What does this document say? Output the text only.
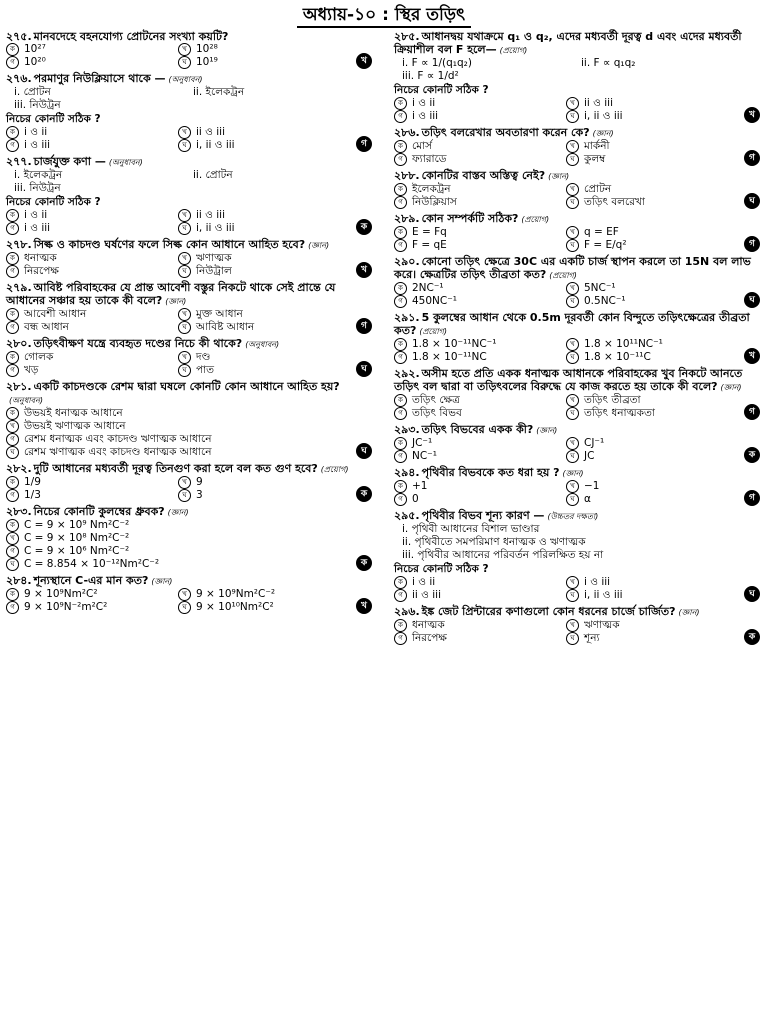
অধ্যায়-১০ : স্থির তড়িৎ
২৭৫. মানবদেহে বহনযোগ্য প্রোটনের সংখ্যা কয়টি?
ক 10²⁷	খ 10²⁸
গ 10²⁰	ঘ 10¹⁹	খ
২৭৬. পরমাণুর নিউক্লিয়াসে থাকে — (অনুধাবন)
i. প্রোটন	ii. ইলেকট্রন
iii. নিউট্রন
নিচের কোনটি সঠিক ?
ক i ও ii	খ ii ও iii
গ i ও iii	ঘ i, ii ও iii	গ
২৭৭. চার্জযুক্ত কণা — (অনুধাবন)
i. ইলেকট্রন	ii. প্রোটন
iii. নিউট্রন
নিচের কোনটি সঠিক ?
ক i ও ii	খ ii ও iii
গ i ও iii	ঘ i, ii ও iii	ক
২৭৮. সিল্ক ও কাচদণ্ড ঘর্ষণের ফলে সিল্ক কোন আধানে আহিত হবে? (জ্ঞান)
ক ধনাত্মক	খ ঋণাত্মক
গ নিরপেক্ষ	ঘ নিউট্রাল	খ
২৭৯. আবিষ্ট পরিবাহকের যে প্রান্ত আবেশী বস্তুর নিকটে থাকে সেই প্রান্তে যে আধানের সঞ্চার হয় তাকে কী বলে? (জ্ঞান)
ক আবেশী আধান	খ মুক্ত আধান
গ বন্ধ আধান	ঘ আবিষ্ট আধান	গ
২৮০. তড়িৎবীক্ষণ যন্ত্রে ব্যবহৃত দণ্ডের নিচে কী থাকে? (অনুধাবন)
ক গোলক	খ দণ্ড
গ খড়	ঘ পাত	ঘ
২৮১. একটি কাচদণ্ডকে রেশম দ্বারা ঘষলে কোনটি কোন আধানে আহিত হয়?(অনুধাবন)
ক উভয়ই ধনাত্মক আধানে
খ উভয়ই ঋণাত্মক আধানে
গ রেশম ধনাত্মক এবং কাচদণ্ড ঋণাত্মক আধানে
ঘ রেশম ঋণাত্মক এবং কাচদণ্ড ধনাত্মক আধানে	ঘ
২৮২. দুটি আধানের মধ্যবর্তী দূরত্ব তিনগুণ করা হলে বল কত গুণ হবে? (প্রয়োগ)
ক 1/9	খ 9
গ 1/3	ঘ 3	ক
২৮৩. নিচের কোনটি কুলম্বের ধ্রুবক? (জ্ঞান)
ক C = 9 × 10⁹ Nm²C⁻²
খ C = 9 × 10⁸ Nm²C⁻²
গ C = 9 × 10⁶ Nm²C⁻²
ঘ C = 8.854 × 10⁻¹²Nm²C⁻²	ক
২৮৪. শূন্যস্থানে C-এর মান কত? (জ্ঞান)
ক 9 × 10⁹Nm²C²	খ 9 × 10⁹Nm²C⁻²
গ 9 × 10⁹N⁻²m²C²	ঘ 9 × 10¹⁰Nm²C²	খ
২৮৫. আধানদ্বয় যথাক্রমে q₁ ও q₂, এদের মধ্যবর্তী দূরত্ব d এবং এদের মধ্যবর্তী ক্রিয়াশীল বল F হলে— (প্রয়োগ)
i. F ∝ 1/(q₁q₂)	ii. F ∝ q₁q₂
iii. F ∝ 1/d²
নিচের কোনটি সঠিক ?
ক i ও ii	খ ii ও iii
গ i ও iii	ঘ i, ii ও iii	খ
২৮৬. তড়িৎ বলরেখার অবতারণা করেন কে? (জ্ঞান)
ক মোর্স	খ মার্কনী
গ ফ্যারাডে	ঘ কুলম্ব	গ
২৮৮. কোনটির বাস্তব অস্তিত্ব নেই? (জ্ঞান)
ক ইলেকট্রন	খ প্রোটন
গ নিউক্লিয়াস	ঘ তড়িৎ বলরেখা	ঘ
২৮৯. কোন সম্পর্কটি সঠিক? (প্রয়োগ)
ক E = Fq	খ q = EF
গ F = qE	ঘ F = E/q²	গ
২৯০. কোনো তড়িৎ ক্ষেত্রে 30C এর একটি চার্জ স্থাপন করলে তা 15N বল লাভ করে। ক্ষেত্রটির তড়িৎ তীব্রতা কত? (প্রয়োগ)
ক 2NC⁻¹	খ 5NC⁻¹
গ 450NC⁻¹	ঘ 0.5NC⁻¹	ঘ
২৯১. 5 কুলম্বের আধান থেকে 0.5m দূরবর্তী কোন বিন্দুতে তড়িৎক্ষেত্রের তীব্রতা কত? (প্রয়োগ)
ক 1.8 × 10⁻¹¹NC⁻¹	খ 1.8 × 10¹¹NC⁻¹
গ 1.8 × 10⁻¹¹NC	ঘ 1.8 × 10⁻¹¹C	খ
২৯২. অসীম হতে প্রতি একক ধনাত্মক আধানকে পরিবাহকের খুব নিকটে আনতে তড়িৎ বল দ্বারা বা তড়িৎবলের বিরুদ্ধে যে কাজ করতে হয় তাকে কী বলে? (জ্ঞান)
ক তড়িৎ ক্ষেত্র	খ তড়িৎ তীব্রতা
গ তড়িৎ বিভব	ঘ তড়িৎ ধনাত্মকতা	গ
২৯৩. তড়িৎ বিভবের একক কী? (জ্ঞান)
ক JC⁻¹	খ CJ⁻¹
গ NC⁻¹	ঘ JC	ক
২৯৪. পৃথিবীর বিভবকে কত ধরা হয় ? (জ্ঞান)
ক +1	খ −1
গ 0	ঘ α	গ
২৯৫. পৃথিবীর বিভব শূন্য কারণ — (উচ্চতর দক্ষতা)
i. পৃথিবী আধানের বিশাল ভাণ্ডার
ii. পৃথিবীতে সমপরিমাণ ধনাত্মক ও ঋণাত্মক
iii. পৃথিবীর আধানের পরিবর্তন পরিলক্ষিত হয় না
নিচের কোনটি সঠিক ?
ক i ও ii	খ i ও iii
গ ii ও iii	ঘ i, ii ও iii	ঘ
২৯৬. ইঙ্ক জেট প্রিন্টারের কণাগুলো কোন ধরনের চার্জে চার্জিত? (জ্ঞান)
ক ধনাত্মক	খ ঋণাত্মক
গ নিরপেক্ষ	ঘ শূন্য	ক
